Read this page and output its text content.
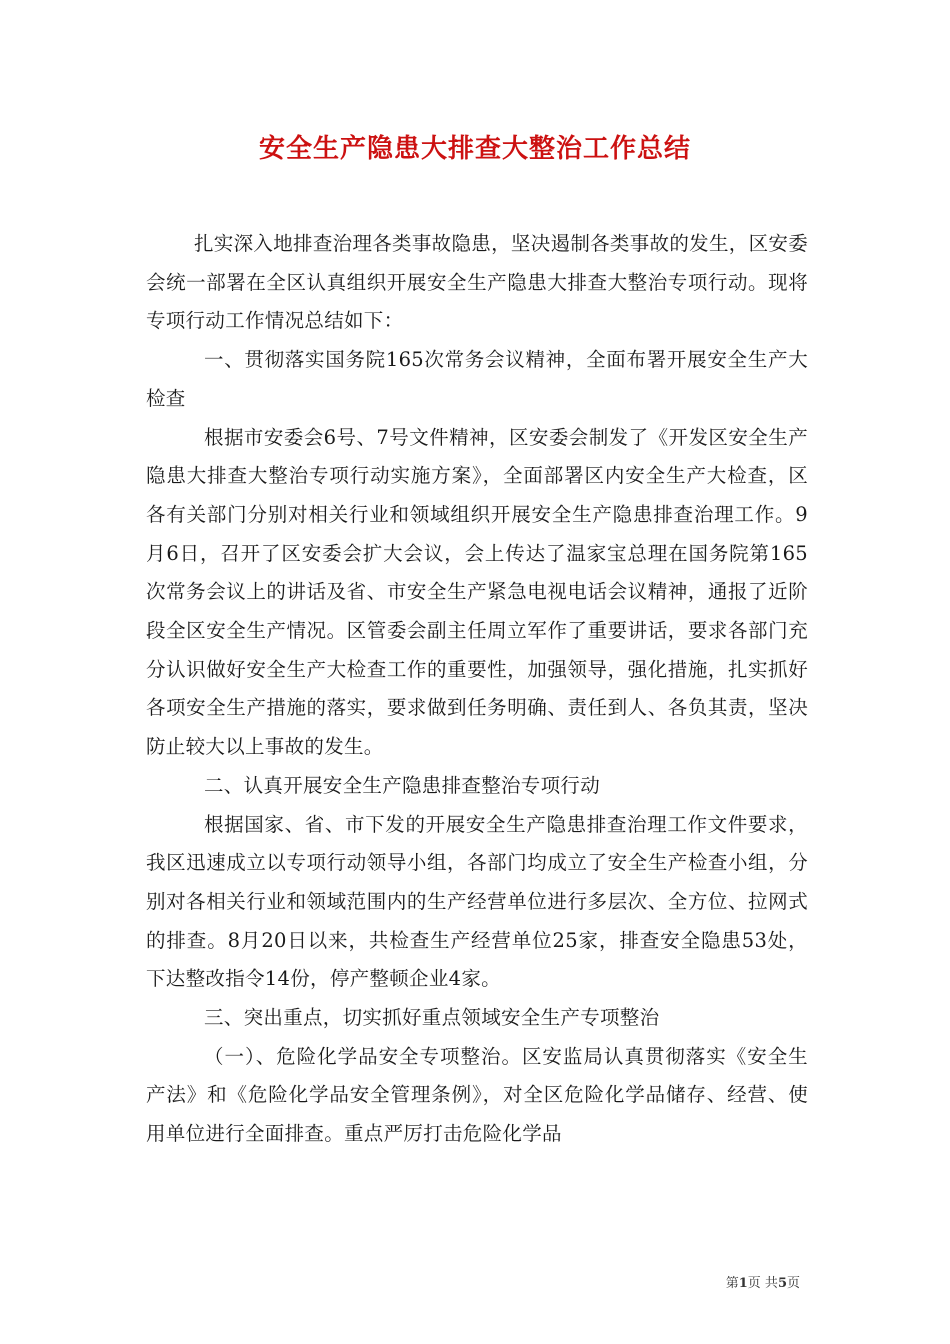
安全生产隐患大排查大整治工作总结

扎实深入地排查治理各类事故隐患，坚决遏制各类事故的发生，区安委会统一部署在全区认真组织开展安全生产隐患大排查大整治专项行动。现将专项行动工作情况总结如下：

一、贯彻落实国务院165次常务会议精神，全面布署开展安全生产大检查

根据市安委会6号、7号文件精神，区安委会制发了《开发区安全生产隐患大排查大整治专项行动实施方案》，全面部署区内安全生产大检查，区各有关部门分别对相关行业和领域组织开展安全生产隐患排查治理工作。9月6日，召开了区安委会扩大会议，会上传达了温家宝总理在国务院第165次常务会议上的讲话及省、市安全生产紧急电视电话会议精神，通报了近阶段全区安全生产情况。区管委会副主任周立军作了重要讲话，要求各部门充分认识做好安全生产大检查工作的重要性，加强领导，强化措施，扎实抓好各项安全生产措施的落实，要求做到任务明确、责任到人、各负其责，坚决防止较大以上事故的发生。

二、认真开展安全生产隐患排查整治专项行动

根据国家、省、市下发的开展安全生产隐患排查治理工作文件要求，我区迅速成立以专项行动领导小组，各部门均成立了安全生产检查小组，分别对各相关行业和领域范围内的生产经营单位进行多层次、全方位、拉网式的排查。8月20日以来，共检查生产经营单位25家，排查安全隐患53处，下达整改指令14份，停产整顿企业4家。

三、突出重点，切实抓好重点领域安全生产专项整治

（一）、危险化学品安全专项整治。区安监局认真贯彻落实《安全生产法》和《危险化学品安全管理条例》，对全区危险化学品储存、经营、使用单位进行全面排查。重点严厉打击危险化学品

第1页 共5页
